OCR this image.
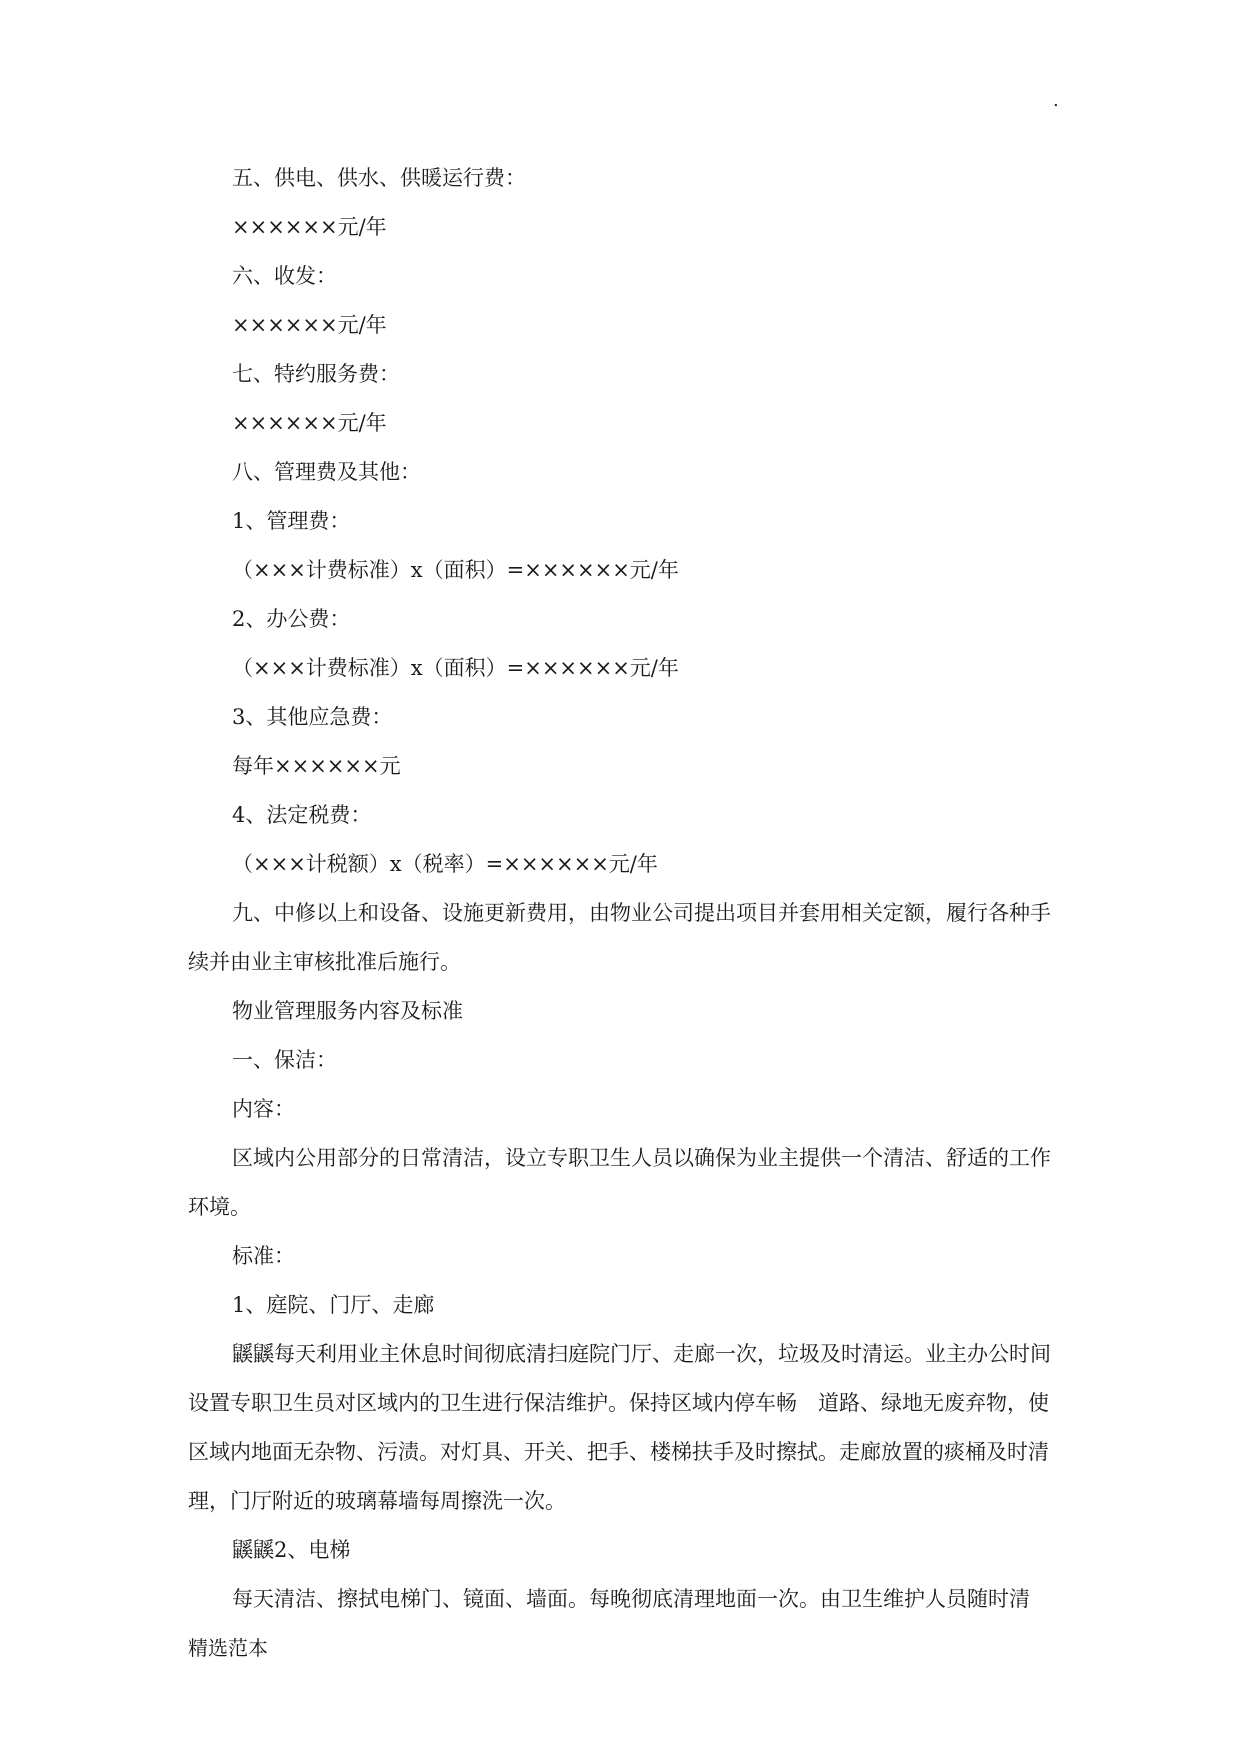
.

五、供电、供水、供暖运行费：

××××××元/年

六、收发：

××××××元/年

七、特约服务费：

××××××元/年

八、管理费及其他：

1、管理费：

（×××计费标准）x（面积）=××××××元/年

2、办公费：

（×××计费标准）x（面积）=××××××元/年

3、其他应急费：

每年××××××元

4、法定税费：

（×××计税额）x（税率）=××××××元/年

九、中修以上和设备、设施更新费用，由物业公司提出项目并套用相关定额，履行各种手续并由业主审核批准后施行。

物业管理服务内容及标准

一、保洁：

内容：

区域内公用部分的日常清洁，设立专职卫生人员以确保为业主提供一个清洁、舒适的工作环境。

标准：

1、庭院、门厅、走廊

鼷鼷每天利用业主休息时间彻底清扫庭院门厅、走廊一次，垃圾及时清运。业主办公时间设置专职卫生员对区域内的卫生进行保洁维护。保持区域内停车畅　道路、绿地无废弃物，使区域内地面无杂物、污渍。对灯具、开关、把手、楼梯扶手及时擦拭。走廊放置的痰桶及时清理，门厅附近的玻璃幕墙每周擦洗一次。

鼷鼷2、电梯

每天清洁、擦拭电梯门、镜面、墙面。每晚彻底清理地面一次。由卫生维护人员随时清

精选范本
